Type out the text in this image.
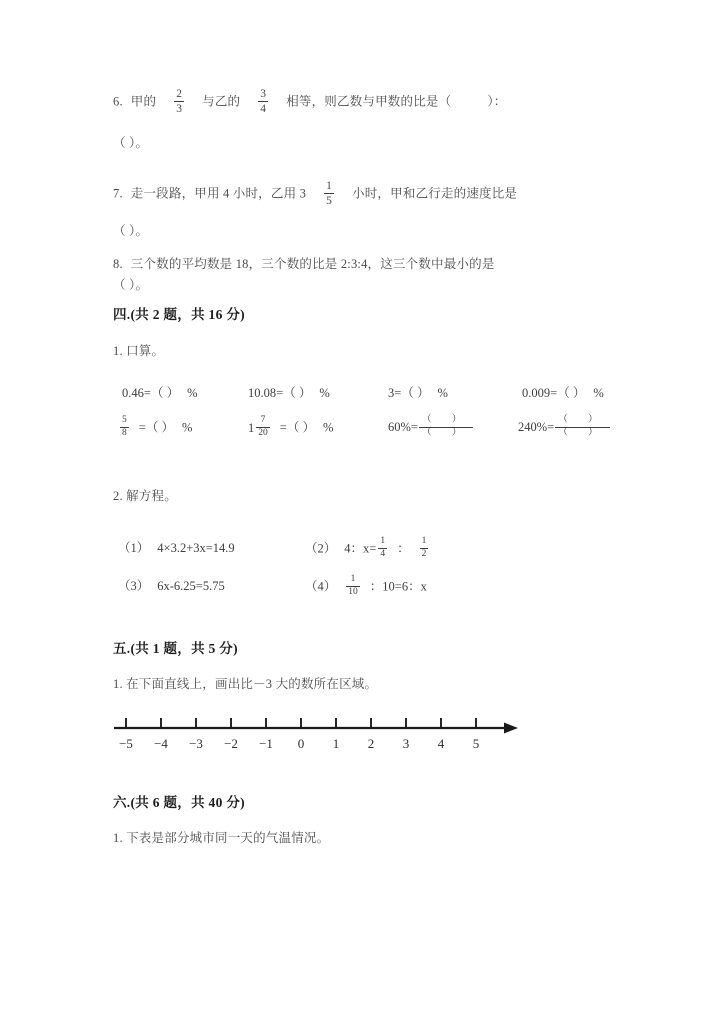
6. 甲的 $\frac{2}{3}$ 与乙的 $\frac{3}{4}$ 相等，则乙数与甲数的比是（	）：
（ ）。
7. 走一段路，甲用 4 小时，乙用 $3 \frac{1}{5}$ 小时，甲和乙行走的速度比是
（ ）。
8. 三个数的平均数是 18，三个数的比是 2:3:4，这三个数中最小的是
（ ）。
四.(共 2 题，共 16 分)
1. 口算。
0.46=（ ） %	10.08=（ ） %	3=（ ） %	0.009=（ ） %
$\frac{5}{8}$ =（ ） %	$1 \frac{7}{20}$ =（ ） %	$60\%= \frac{( )}{( )}$	$240\%= \frac{( )}{( )}$
2. 解方程。
（1） 4×3.2+3x=14.9	（2） 4：$x= \frac{1}{4}$ ： $\frac{1}{2}$
（3） 6x-6.25=5.75	$(4) \frac{1}{10}$ ：10=6：x
五.(共 1 题，共 5 分)
1. 在下面直线上，画出比－3 大的数所在区域。
−5 −4 −3 −2 −1 0 1 2 3 4 5
六.(共 6 题，共 40 分)
1. 下表是部分城市同一天的气温情况。
